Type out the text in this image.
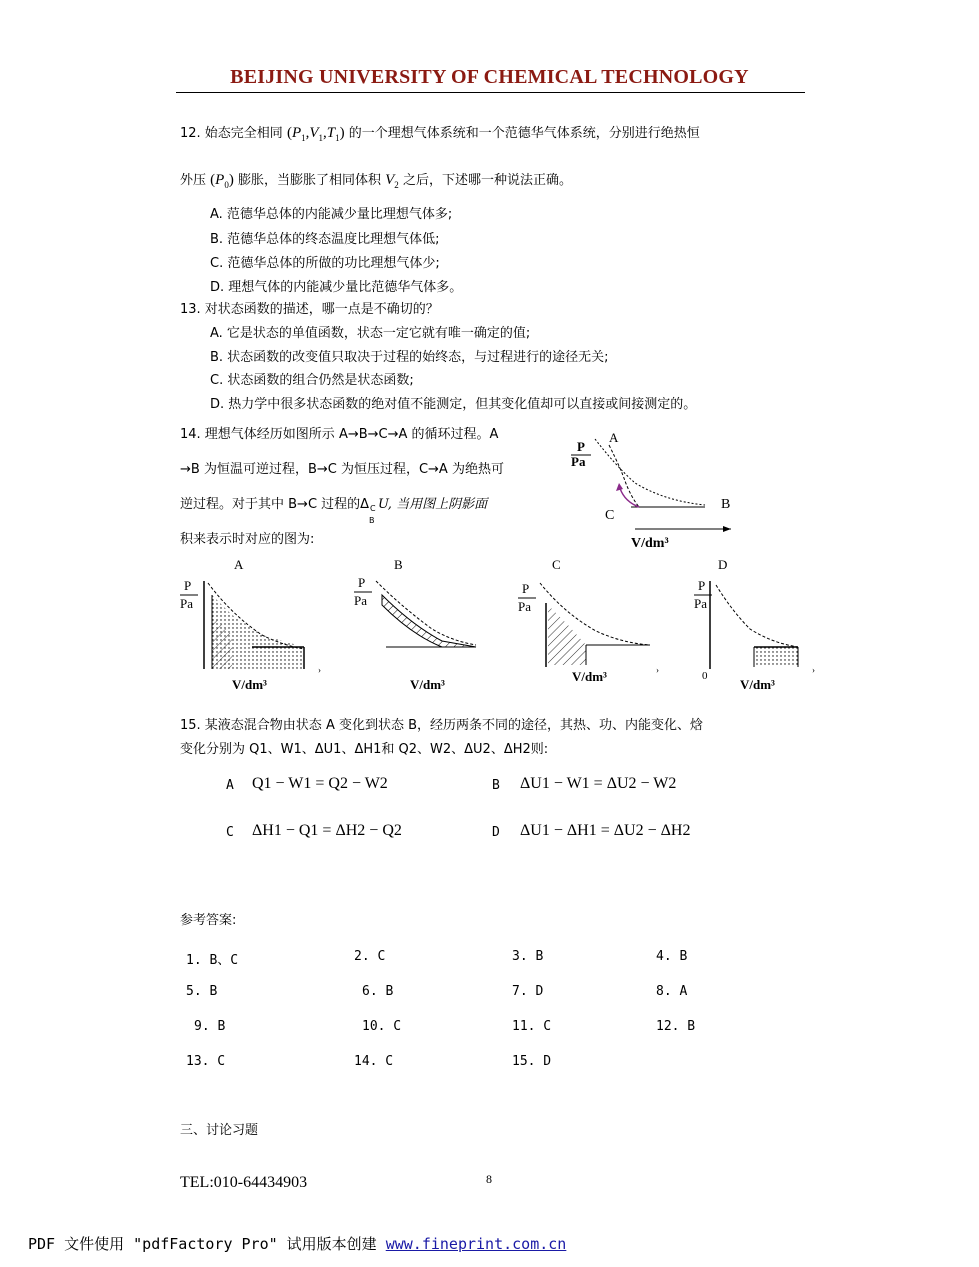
BEIJING UNIVERSITY OF CHEMICAL TECHNOLOGY
12. 始态完全相同 $(P_1,V_1,T_1)$ 的一个理想气体系统和一个范德华气体系统，分别进行绝热恒
外压 $(P_0)$ 膨胀，当膨胀了相同体积 $V_2$ 之后，下述哪一种说法正确。
A. 范德华总体的内能减少量比理想气体多;
B. 范德华总体的终态温度比理想气体低;
C. 范德华总体的所做的功比理想气体少;
D. 理想气体的内能减少量比范德华气体多。
13. 对状态函数的描述，哪一点是不确切的？
A. 它是状态的单值函数，状态一定它就有唯一确定的值;
B. 状态函数的改变值只取决于过程的始终态，与过程进行的途径无关;
C. 状态函数的组合仍然是状态函数;
D. 热力学中很多状态函数的绝对值不能测定，但其变化值却可以直接或间接测定的。
14. 理想气体经历如图所示 A→B→C→A 的循环过程。A
→B 为恒温可逆过程，B→C 为恒压过程，C→A 为绝热可
逆过程。对于其中 B→C 过程的Δ C
B
U, 当用图上阴影面
积来表示时对应的图为:
P
Pa
A
B
C
V/dm³
A
P
Pa
V/dm³
›
B
P
Pa
V/dm³
C
P
Pa
V/dm³	›
D
P
Pa
0
V/dm³
›
15. 某液态混合物由状态 A 变化到状态 B，经历两条不同的途径，其热、功、内能变化、焓
变化分别为 Q1、W1、ΔU1、ΔH1和 Q2、W2、ΔU2、ΔH2则:
A Q1 − W1 = Q2 − W2	B ΔU1 − W1 = ΔU2 − W2
C ΔH1 − Q1 = ΔH2 − Q2	D ΔU1 − ΔH1 = ΔU2 − ΔH2
参考答案:
1. B、C	2. C	3. B	4. B
5. B	6. B	7. D	8. A
9. B	10. C	11. C	12. B
13. C	14. C	15. D
三、讨论习题
TEL:010-64434903	8
PDF 文件使用 "pdfFactory Pro" 试用版本创建 www.fineprint.com.cn
